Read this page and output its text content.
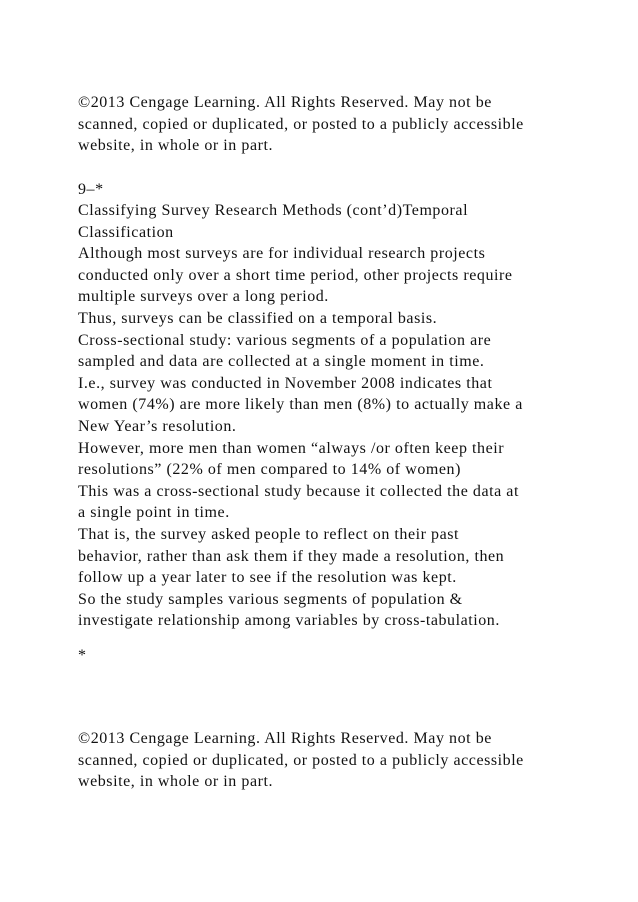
©2013 Cengage Learning. All Rights Reserved. May not be
scanned, copied or duplicated, or posted to a publicly accessible
website, in whole or in part.
9–*
Classifying Survey Research Methods (cont’d)Temporal
Classification
Although most surveys are for individual research projects
conducted only over a short time period, other projects require
multiple surveys over a long period.
Thus, surveys can be classified on a temporal basis.
Cross-sectional study: various segments of a population are
sampled and data are collected at a single moment in time.
I.e., survey was conducted in November 2008 indicates that
women (74%) are more likely than men (8%) to actually make a
New Year’s resolution.
However, more men than women “always /or often keep their
resolutions” (22% of men compared to 14% of women)
This was a cross-sectional study because it collected the data at
a single point in time.
That is, the survey asked people to reflect on their past
behavior, rather than ask them if they made a resolution, then
follow up a year later to see if the resolution was kept.
So the study samples various segments of population &
investigate relationship among variables by cross-tabulation.
*
©2013 Cengage Learning. All Rights Reserved. May not be
scanned, copied or duplicated, or posted to a publicly accessible
website, in whole or in part.
